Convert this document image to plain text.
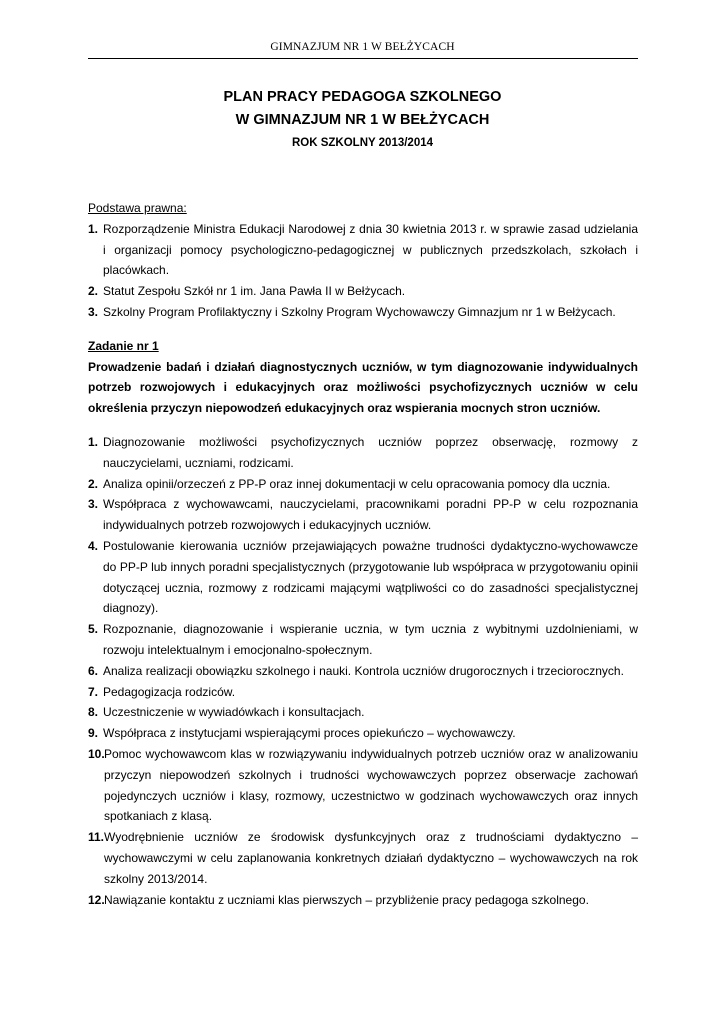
GIMNAZJUM NR 1 W BEŁŻYCACH
PLAN PRACY PEDAGOGA SZKOLNEGO
W GIMNAZJUM NR 1 W BEŁŻYCACH
ROK SZKOLNY 2013/2014
Podstawa prawna:
1. Rozporządzenie Ministra Edukacji Narodowej z dnia 30 kwietnia 2013 r. w sprawie zasad udzielania i organizacji pomocy psychologiczno-pedagogicznej w publicznych przedszkolach, szkołach i placówkach.
2. Statut Zespołu Szkół nr 1 im. Jana Pawła II w Bełżycach.
3. Szkolny Program Profilaktyczny i Szkolny Program Wychowawczy Gimnazjum nr 1 w Bełżycach.
Zadanie nr 1
Prowadzenie badań i działań diagnostycznych uczniów, w tym diagnozowanie indywidualnych potrzeb rozwojowych i edukacyjnych oraz możliwości psychofizycznych uczniów w celu określenia przyczyn niepowodzeń edukacyjnych oraz wspierania mocnych stron uczniów.
1. Diagnozowanie możliwości psychofizycznych uczniów poprzez obserwację, rozmowy z nauczycielami, uczniami, rodzicami.
2. Analiza opinii/orzeczeń z PP-P oraz innej dokumentacji w celu opracowania pomocy dla ucznia.
3. Współpraca z wychowawcami, nauczycielami, pracownikami poradni PP-P w celu rozpoznania indywidualnych potrzeb rozwojowych i edukacyjnych uczniów.
4. Postulowanie kierowania uczniów przejawiających poważne trudności dydaktyczno-wychowawcze do PP-P lub innych poradni specjalistycznych (przygotowanie lub współpraca w przygotowaniu opinii dotyczącej ucznia, rozmowy z rodzicami mającymi wątpliwości co do zasadności specjalistycznej diagnozy).
5. Rozpoznanie, diagnozowanie i wspieranie ucznia, w tym ucznia z wybitnymi uzdolnieniami, w rozwoju intelektualnym i emocjonalno-społecznym.
6. Analiza realizacji obowiązku szkolnego i nauki. Kontrola uczniów drugorocznych i trzeciorocznych.
7. Pedagogizacja rodziców.
8. Uczestniczenie w wywiadówkach i konsultacjach.
9. Współpraca z instytucjami wspierającymi proces opiekuńczo – wychowawczy.
10. Pomoc wychowawcom klas w rozwiązywaniu indywidualnych potrzeb uczniów oraz w analizowaniu przyczyn niepowodzeń szkolnych i trudności wychowawczych poprzez obserwacje zachowań pojedynczych uczniów i klasy, rozmowy, uczestnictwo w godzinach wychowawczych oraz innych spotkaniach z klasą.
11. Wyodrębnienie uczniów ze środowisk dysfunkcyjnych oraz z trudnościami dydaktyczno –wychowawczymi w celu zaplanowania konkretnych działań dydaktyczno – wychowawczych na rok szkolny 2013/2014.
12. Nawiązanie kontaktu z uczniami klas pierwszych – przybliżenie pracy pedagoga szkolnego.
